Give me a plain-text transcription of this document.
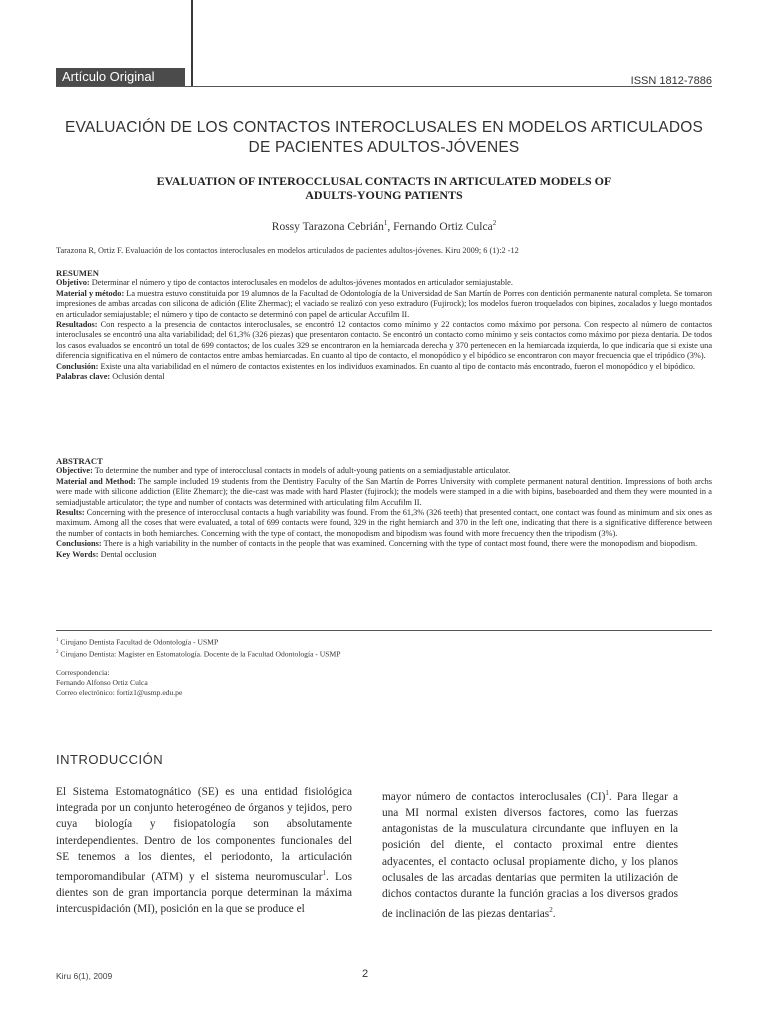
Artículo Original	ISSN 1812-7886
EVALUACIÓN DE LOS CONTACTOS INTEROCLUSALES EN MODELOS ARTICULADOS
DE PACIENTES ADULTOS-JÓVENES
EVALUATION OF INTEROCCLUSAL CONTACTS IN ARTICULATED MODELS OF
ADULTS-YOUNG PATIENTS
Rossy Tarazona Cebrián$^1$, Fernando Ortiz Culca$^2$
Tarazona R, Ortiz F. Evaluación de los contactos interoclusales en modelos articulados de pacientes adultos-jóvenes. Kiru 2009; 6 (1):2 -12

RESUMEN

Objetivo: Determinar el número y tipo de contactos interoclusales en modelos de adultos-jóvenes montados en articulador semiajustable.

Material y método: La muestra estuvo constituida por 19 alumnos de la Facultad de Odontología de la Universidad de San Martín de Porres con dentición permanente natural completa. Se tomaron impresiones de ambas arcadas con silicona de adición (Elite Zhermac); el vaciado se realizó con yeso extraduro (Fujirock); los modelos fueron troquelados con bipines, zocalados y luego montados en articulador semiajustable; el número y tipo de contacto se determinó con papel de articular Accufilm II.

Resultados: Con respecto a la presencia de contactos interoclusales, se encontró 12 contactos como mínimo y 22 contactos como máximo por persona. Con respecto al número de contactos interoclusales se encontró una alta variabilidad; del 61,3% (326 piezas) que presentaron contacto. Se encontró un contacto como mínimo y seis contactos como máximo por pieza dentaria. De todos los casos evaluados se encontró un total de 699 contactos; de los cuales 329 se encontraron en la hemiarcada derecha y 370 pertenecen en la hemiarcada izquierda, lo que indicaría que si existe una diferencia significativa en el número de contactos entre ambas hemiarcadas. En cuanto al tipo de contacto, el monopódico y el bipódico se encontraron con mayor frecuencia que el tripódico (3%).

Conclusión: Existe una alta variabilidad en el número de contactos existentes en los individuos examinados. En cuanto al tipo de contacto más encontrado, fueron el monopódico y el bipódico.

Palabras clave: Oclusión dental

ABSTRACT

Objective: To determine the number and type of interocclusal contacts in models of adult-young patients on a semiadjustable articulator.

Material and Method: The sample included 19 students from the Dentistry Faculty of the San Martín de Porres University with complete permanent natural dentition. Impressions of both archs were made with silicone addiction (Elite Zhemarc); the die-cast was made with hard Plaster (fujirock); the models were stamped in a die with bipins, baseboarded and them they were mounted in a semiadjustable articulator; the type and number of contacts was determined with articulating film Accufilm II.

Results: Concerning with the presence of interocclusal contacts a hugh variability was found. From the 61,3% (326 teeth) that presented contact, one contact was found as minimum and six ones as maximum. Among all the coses that were evaluated, a total of 699 contacts were found, 329 in the right hemiarch and 370 in the left one, indicating that there is a significative difference between the number of contacts in both hemiarches. Concerning with the type of contact, the monopodism and bipodism was found with more frecuency then the tripodism (3%).

Conclusions: There is a high variability in the number of contacts in the people that was examined. Concerning with the type of contact most found, there were the monopodism and biopodism.

Key Words: Dental occlusion

$^1$ Cirujano Dentista Facultad de Odontología - USMP
$^2$ Cirujano Dentista: Magíster en Estomatología. Docente de la Facultad Odontología - USMP
Correspondencia:
Fernando Alfonso Ortiz Culca
Correo electrónico: fortiz1@usmp.edu.pe
INTRODUCCIÓN
El Sistema Estomatognático (SE) es una entidad fisiológica integrada por un conjunto heterogéneo de órganos y tejidos, pero cuya biología y fisiopatología son absolutamente interdependientes. Dentro de los componentes funcionales del SE tenemos a los dientes, el periodonto, la articulación temporomandibular (ATM) y el sistema neuromuscular$^1$. Los dientes son de gran importancia porque determinan la máxima intercuspidación (MI), posición en la que se produce el
mayor número de contactos interoclusales (CI)$^1$. Para llegar a una MI normal existen diversos factores, como las fuerzas antagonistas de la musculatura circundante que influyen en la posición del diente, el contacto proximal entre dientes adyacentes, el contacto oclusal propiamente dicho, y los planos oclusales de las arcadas dentarias que permiten la utilización de dichos contactos durante la función gracias a los diversos grados de inclinación de las piezas dentarias$^2$.
Kiru 6(1), 2009	2
